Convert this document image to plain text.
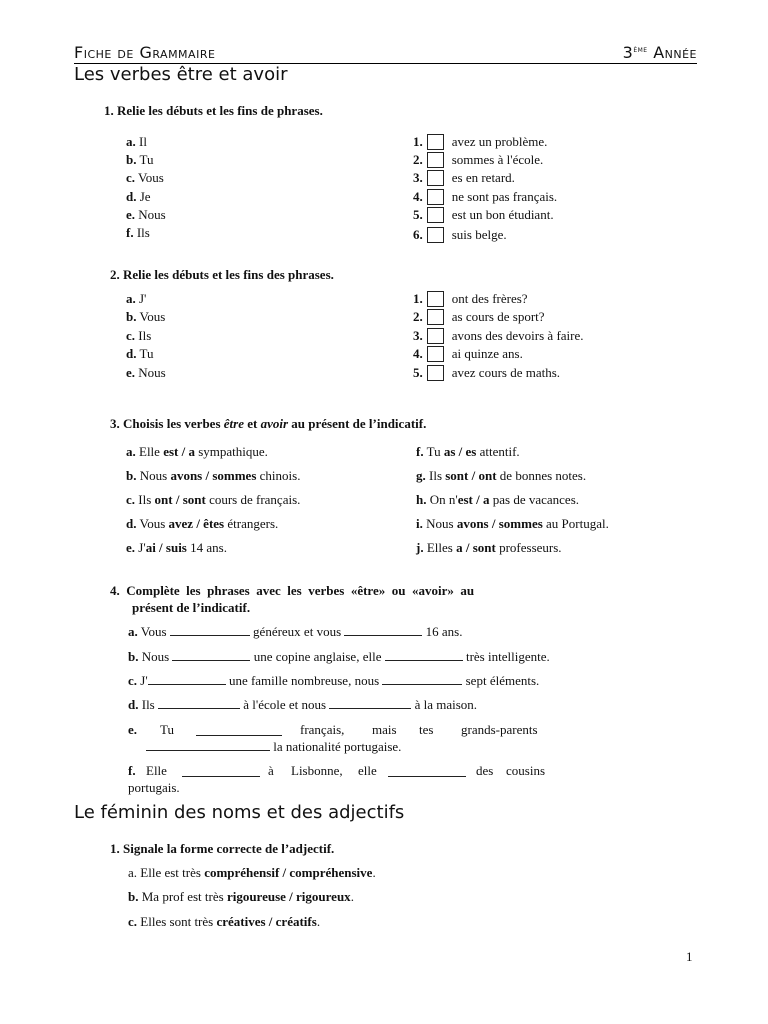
Fiche de Grammaire	3ème Année
Les verbes être et avoir
1. Relie les débuts et les fins de phrases.
a. Il
b. Tu
c. Vous
d. Je
e. Nous
f. Ils
1. avez un problème.
2. sommes à l'école.
3. es en retard.
4. ne sont pas français.
5. est un bon étudiant.
6. suis belge.
2. Relie les débuts et les fins des phrases.
a. J'
b. Vous
c. Ils
d. Tu
e. Nous
1. ont des frères?
2. as cours de sport?
3. avons des devoirs à faire.
4. ai quinze ans.
5. avez cours de maths.
3. Choisis les verbes être et avoir au présent de l’indicatif.
a. Elle est / a sympathique.
b. Nous avons / sommes chinois.
c. Ils ont / sont cours de français.
d. Vous avez / êtes étrangers.
e. J'ai / suis 14 ans.
f. Tu as / es attentif.
g. Ils sont / ont de bonnes notes.
h. On n'est / a pas de vacances.
i. Nous avons / sommes au Portugal.
j. Elles a / sont professeurs.
4.  Complète  les  phrases  avec  les  verbes  «être»  ou  «avoir»  au
présent de l’indicatif.
a. Vous	généreux et vous	16 ans.
b. Nous	une copine anglaise, elle	très intelligente.
c. J'	une famille nombreuse, nous	sept éléments.
d. Ils	à l'école et nous	à la maison.
e. Tu	français, mais tes grands-parents
la nationalité portugaise.
f. Elle	à Lisbonne, elle	des cousins
portugais.
Le féminin des noms et des adjectifs
1. Signale la forme correcte de l’adjectif.
a. Elle est très compréhensif / compréhensive.
b. Ma prof est très rigoureuse / rigoureux.
c. Elles sont très créatives / créatifs.
1
